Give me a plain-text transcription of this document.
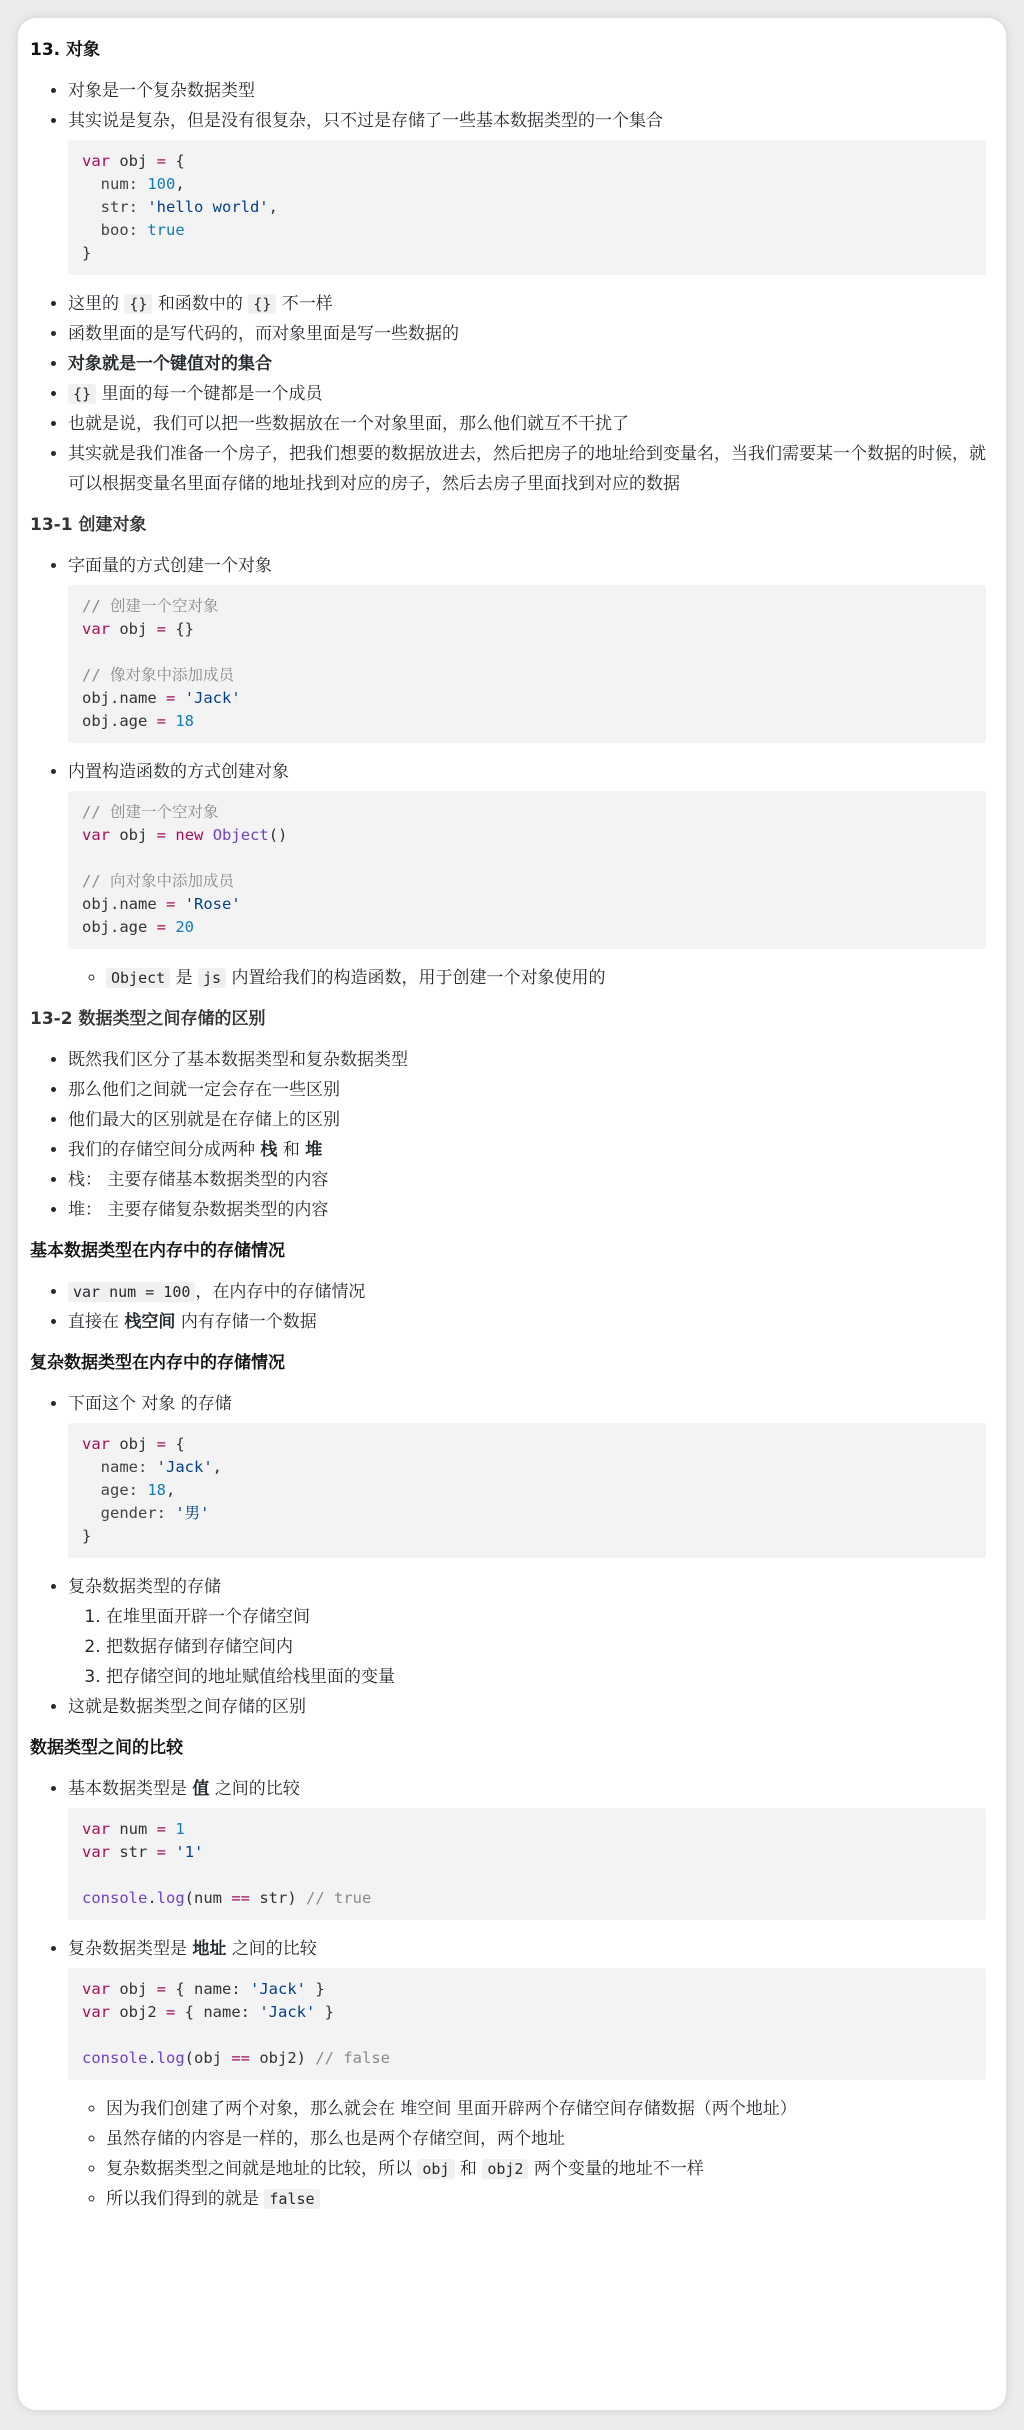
13. 对象
• 对象是一个复杂数据类型
• 其实说是复杂，但是没有很复杂，只不过是存储了一些基本数据类型的一个集合
var obj = {
num: 100,
str: 'hello world',
boo: true
}
• 这里的 {} 和函数中的 {} 不一样
• 函数里面的是写代码的，而对象里面是写一些数据的
• 对象就是一个键值对的集合
• {} 里面的每一个键都是一个成员
• 也就是说，我们可以把一些数据放在一个对象里面，那么他们就互不干扰了
• 其实就是我们准备一个房子，把我们想要的数据放进去，然后把房子的地址给到变量名，当我们需要某一个数据的时候，就可以根据变量名里面存储的地址找到对应的房子，然后去房子里面找到对应的数据
13-1 创建对象
• 字面量的方式创建一个对象
// 创建一个空对象
var obj = {}
// 像对象中添加成员
obj.name = 'Jack'
obj.age = 18
• 内置构造函数的方式创建对象
// 创建一个空对象
var obj = new Object()
// 向对象中添加成员
obj.name = 'Rose'
obj.age = 20
◦ Object 是 js 内置给我们的构造函数，用于创建一个对象使用的
13-2 数据类型之间存储的区别
• 既然我们区分了基本数据类型和复杂数据类型
• 那么他们之间就一定会存在一些区别
• 他们最大的区别就是在存储上的区别
• 我们的存储空间分成两种 栈 和 堆
• 栈： 主要存储基本数据类型的内容
• 堆： 主要存储复杂数据类型的内容
基本数据类型在内存中的存储情况
• var num = 100 ，在内存中的存储情况
• 直接在 栈空间 内有存储一个数据
复杂数据类型在内存中的存储情况
• 下面这个 对象 的存储
var obj = {
name: 'Jack',
age: 18,
gender: '男'
}
• 复杂数据类型的存储
1. 在堆里面开辟一个存储空间
2. 把数据存储到存储空间内
3. 把存储空间的地址赋值给栈里面的变量
• 这就是数据类型之间存储的区别
数据类型之间的比较
• 基本数据类型是 值 之间的比较
var num = 1
var str = '1'
console.log(num == str) // true
• 复杂数据类型是 地址 之间的比较
var obj = { name: 'Jack' }
var obj2 = { name: 'Jack' }
console.log(obj == obj2) // false
◦ 因为我们创建了两个对象，那么就会在 堆空间 里面开辟两个存储空间存储数据（两个地址）
◦ 虽然存储的内容是一样的，那么也是两个存储空间，两个地址
◦ 复杂数据类型之间就是地址的比较，所以 obj 和 obj2 两个变量的地址不一样
◦ 所以我们得到的就是 false
